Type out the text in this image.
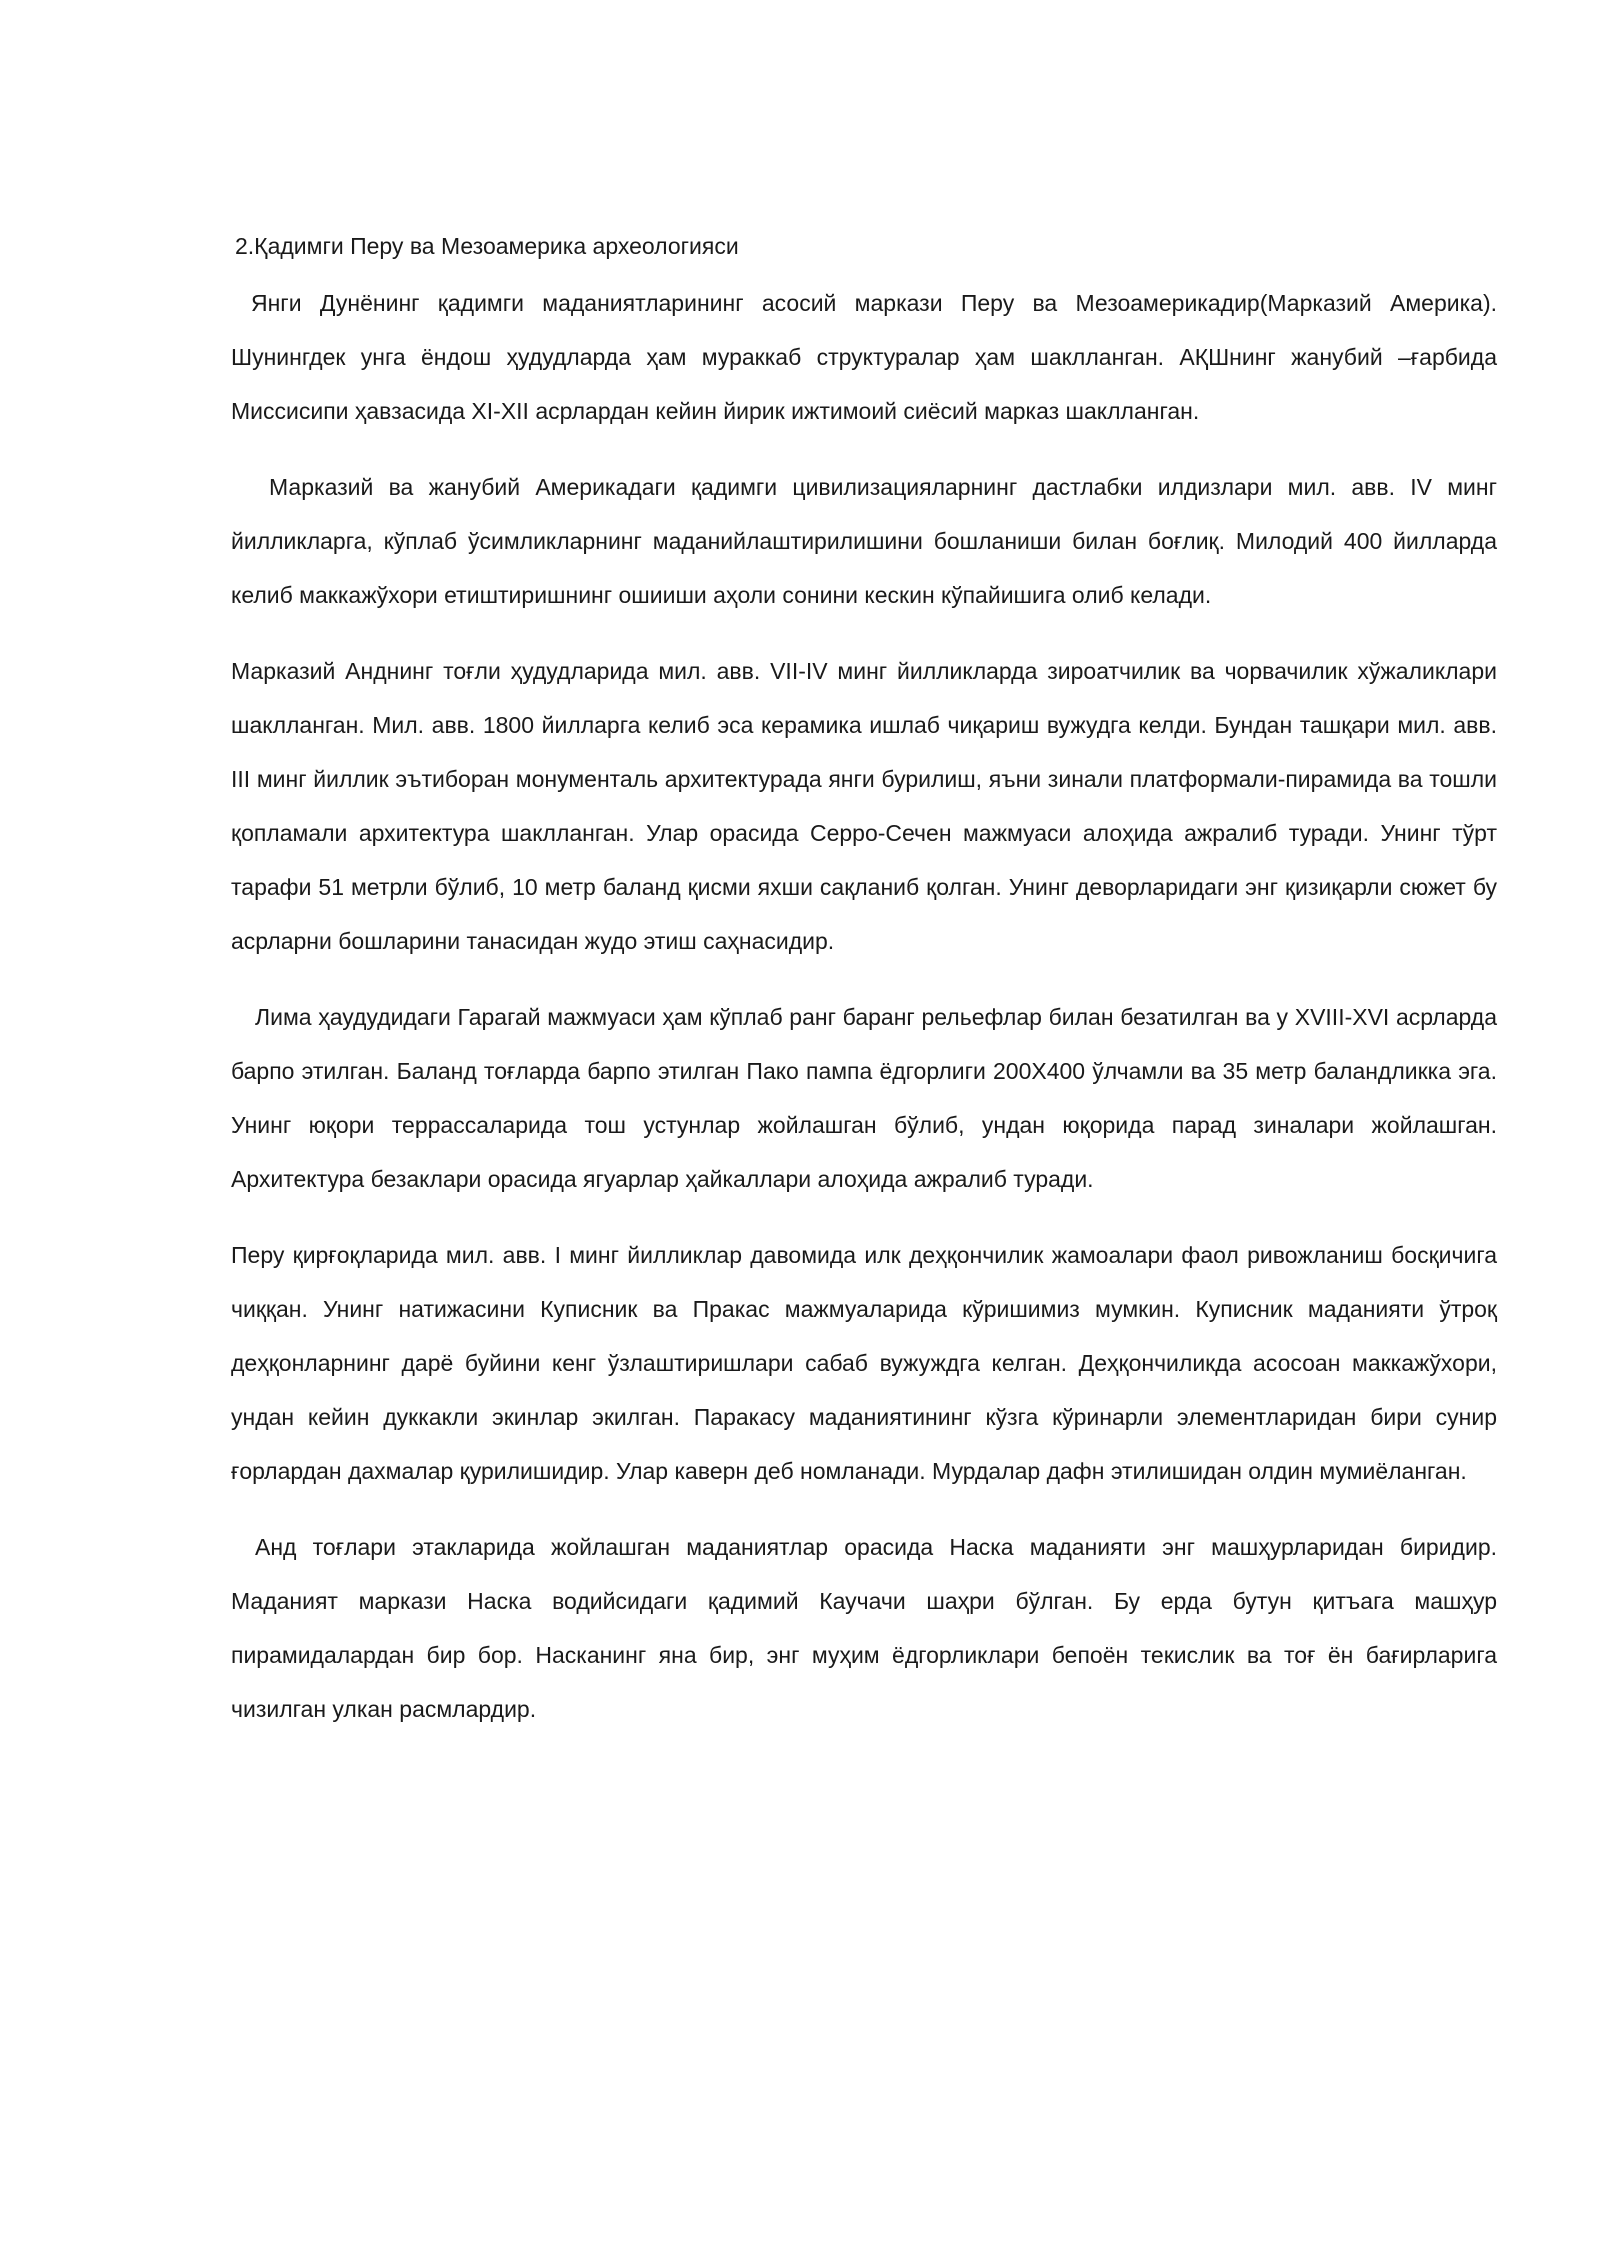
2.Қадимги Перу ва Мезоамерика археологияси

Янги Дунёнинг қадимги маданиятларининг асосий маркази Перу ва Мезоамерикадир(Марказий Америка). Шунингдек унга ёндош ҳудудларда ҳам мураккаб структуралар ҳам шаклланган. АҚШнинг жанубий –ғарбида Миссисипи ҳавзасида XI-XII асрлардан кейин йирик ижтимоий сиёсий марказ шаклланган.

Марказий ва жанубий Америкадаги қадимги цивилизацияларнинг дастлабки илдизлари мил. авв. IV минг йилликларга, кўплаб ўсимликларнинг маданийлаштирилишини бошланиши билан боғлиқ. Милодий 400 йилларда келиб маккажўхори етиштиришнинг ошииши аҳоли сонини кескин кўпайишига олиб келади.

Марказий Анднинг тоғли ҳудудларида мил. авв. VII-IV минг йилликларда зироатчилик ва чорвачилик хўжаликлари шаклланган. Мил. авв. 1800 йилларга келиб эса керамика ишлаб чиқариш вужудга келди. Бундан ташқари мил. авв. III минг йиллик эътиборан монументаль архитектурада янги бурилиш, яъни зинали платформали-пирамида ва тошли қопламали архитектура шаклланган. Улар орасида Серро-Сечен мажмуаси алоҳида ажралиб туради. Унинг тўрт тарафи 51 метрли бўлиб, 10 метр баланд қисми яхши сақланиб қолган. Унинг деворларидаги энг қизиқарли сюжет бу асрларни бошларини танасидан жудо этиш саҳнасидир.

Лима ҳаудудидаги Гарагай мажмуаси ҳам кўплаб ранг баранг рельефлар билан безатилган ва у XVIII-XVI асрларда барпо этилган. Баланд тоғларда барпо этилган Пако пампа ёдгорлиги 200X400 ўлчамли ва 35 метр баландликка эга. Унинг юқори террассаларида тош устунлар жойлашган бўлиб, ундан юқорида парад зиналари жойлашган. Архитектура безаклари орасида ягуарлар ҳайкаллари алоҳида ажралиб туради.

Перу қирғоқларида мил. авв. I минг йилликлар давомида илк деҳқончилик жамоалари фаол ривожланиш босқичига чиққан. Унинг натижасини Куписник ва Пракас мажмуаларида кўришимиз мумкин. Куписник маданияти ўтроқ деҳқонларнинг дарё буйини кенг ўзлаштиришлари сабаб вужуждга келган. Деҳқончиликда асосоан маккажўхори, ундан кейин дуккакли экинлар экилган. Паракасу маданиятининг кўзга кўринарли элементларидан бири сунир ғорлардан дахмалар қурилишидир. Улар каверн деб номланади. Мурдалар дафн этилишидан олдин мумиёланган.

Анд тоғлари этакларида жойлашган маданиятлар орасида Наска маданияти энг машҳурларидан биридир. Маданият маркази Наска водийсидаги қадимий Каучачи шаҳри бўлган. Бу ерда бутун қитъага машҳур пирамидалардан бир бор. Насканинг яна бир, энг муҳим ёдгорликлари бепоён текислик ва тоғ ён бағирларига чизилган улкан расмлардир.
